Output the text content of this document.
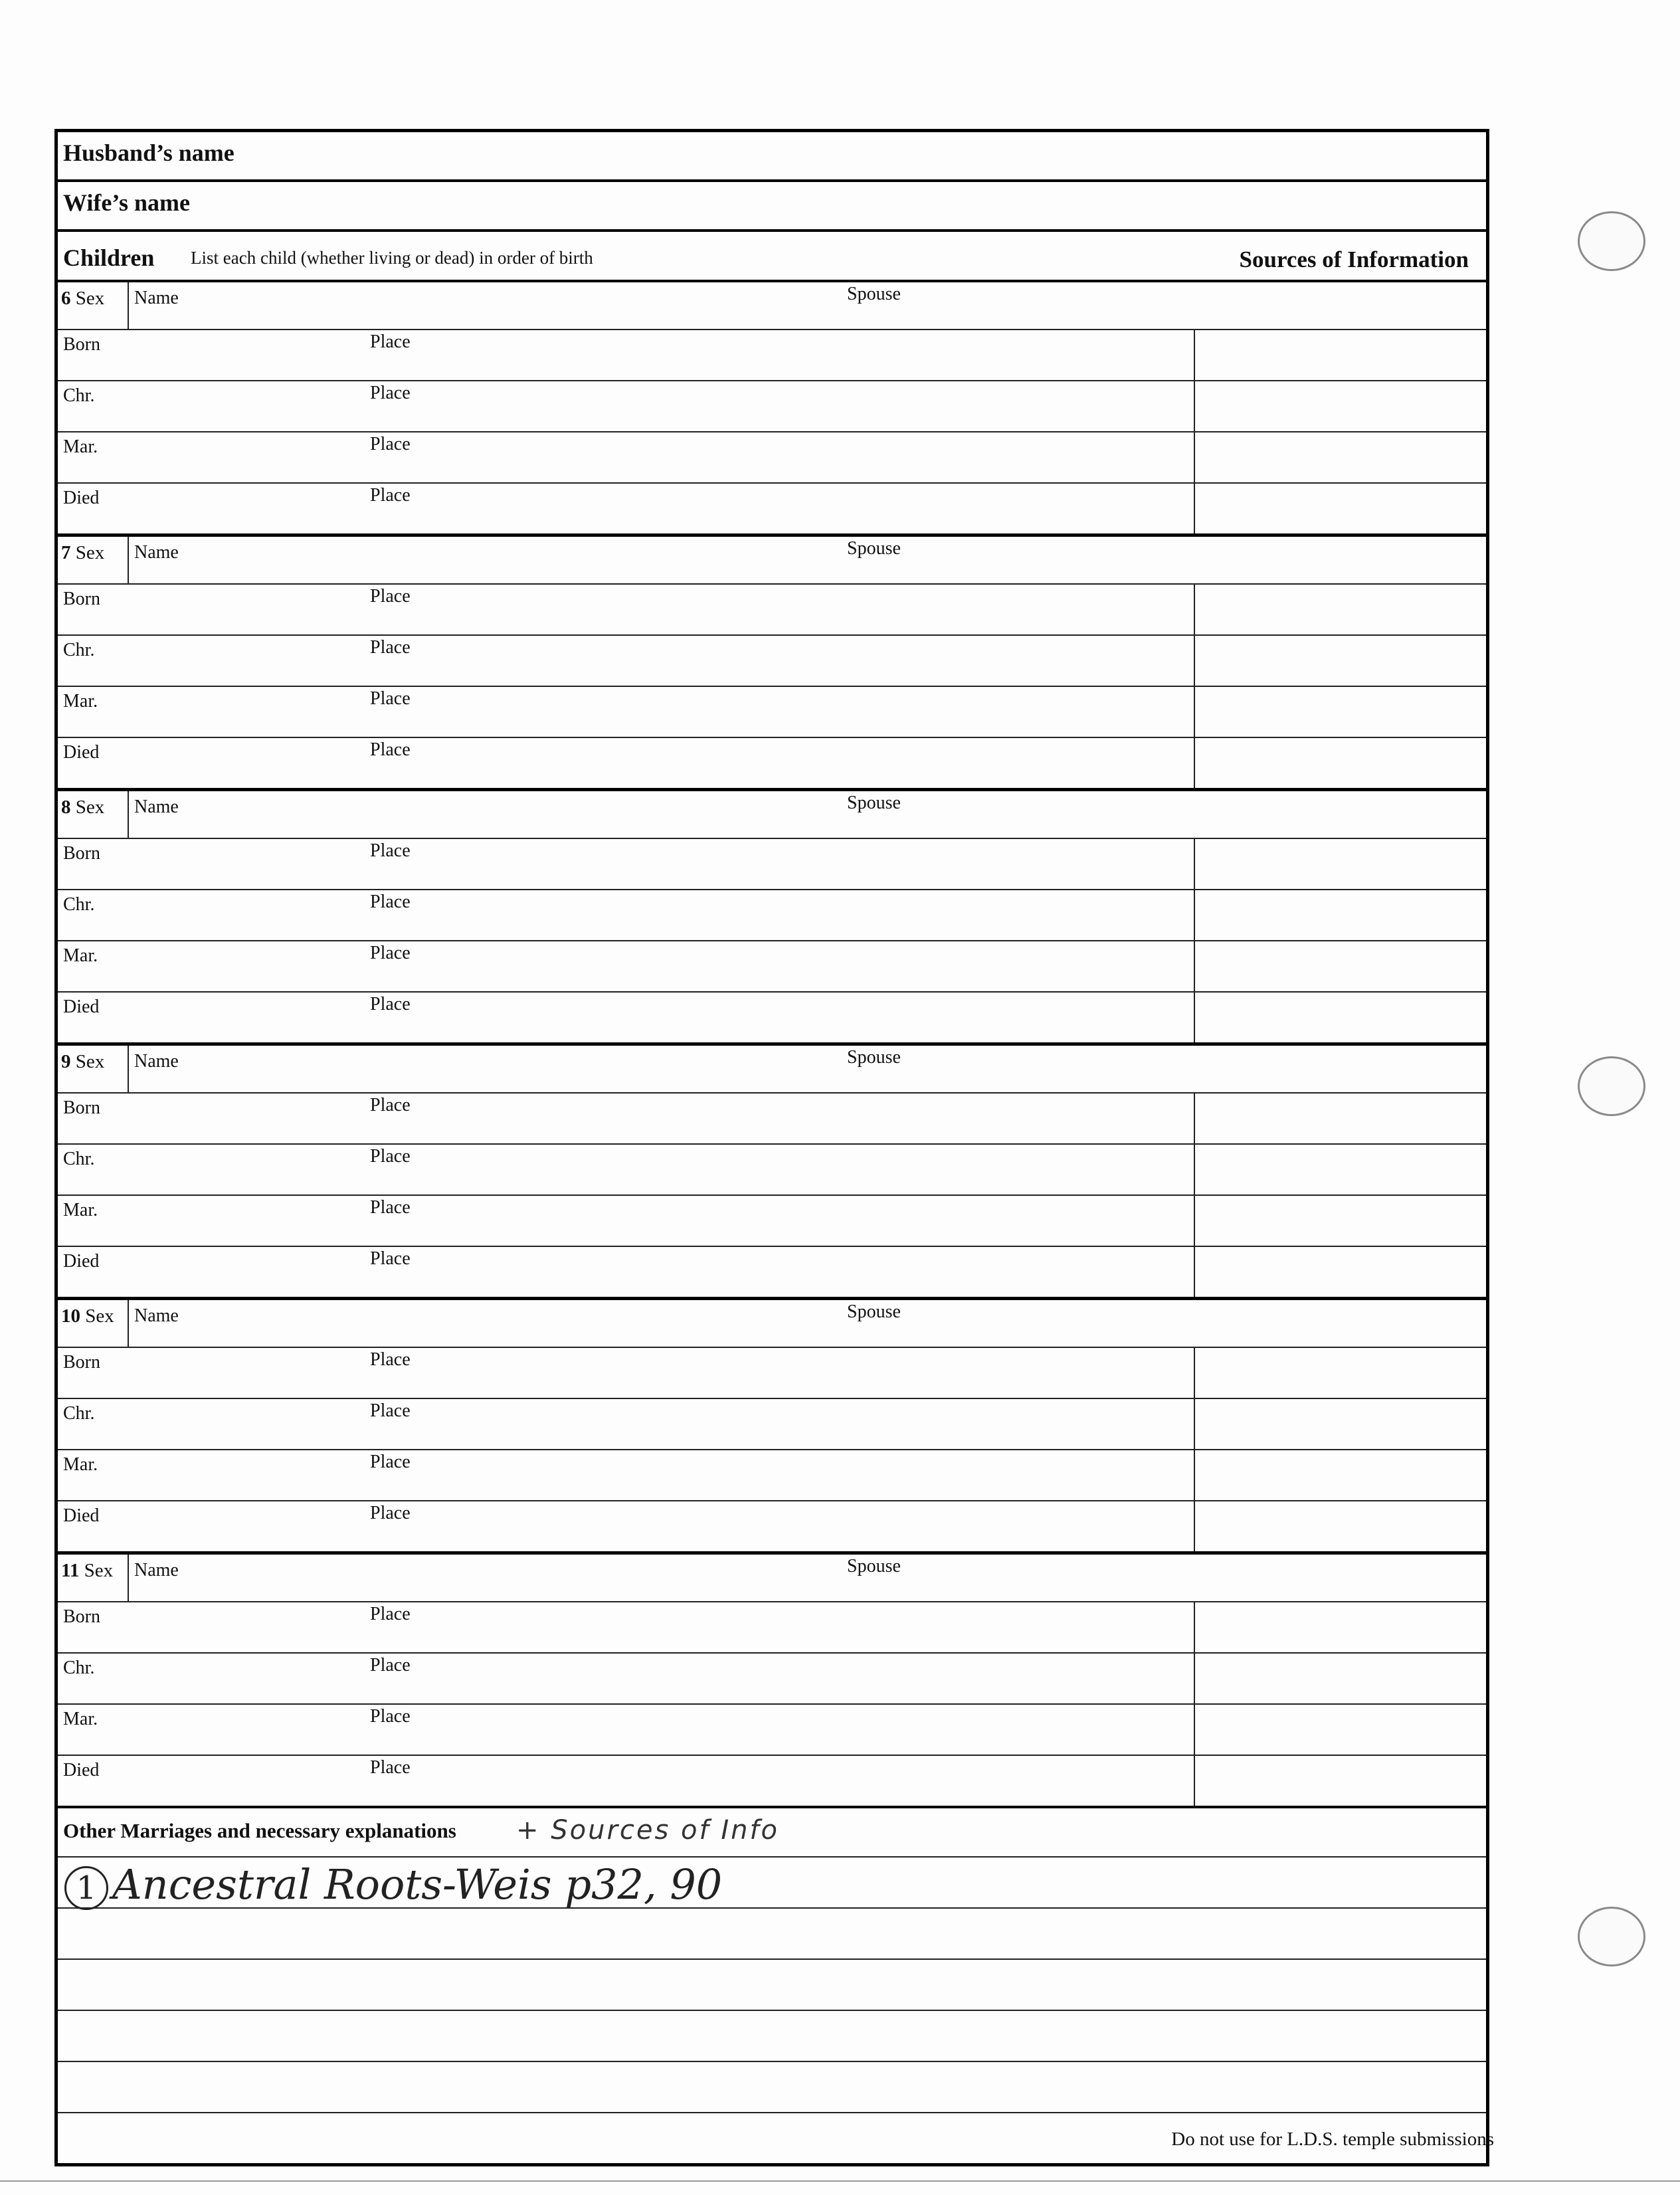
Husband’s name
Wife’s name
Children List each child (whether living or dead) in order of birth	Sources of Information
6 Sex Name	Spouse
Born	Place
Chr.	Place
Mar.	Place
Died	Place
7 Sex Name	Spouse
Born	Place
Chr.	Place
Mar.	Place
Died	Place
8 Sex Name	Spouse
Born	Place
Chr.	Place
Mar.	Place
Died	Place
9 Sex Name	Spouse
Born	Place
Chr.	Place
Mar.	Place
Died	Place
10 Sex Name	Spouse
Born	Place
Chr.	Place
Mar.	Place
Died	Place
11 Sex Name	Spouse
Born	Place
Chr.	Place
Mar.	Place
Died	Place
Other Marriages and necessary explanations + Sources of Info
1 Ancestral Roots-Weis p32, 90
Do not use for L.D.S. temple submissions
